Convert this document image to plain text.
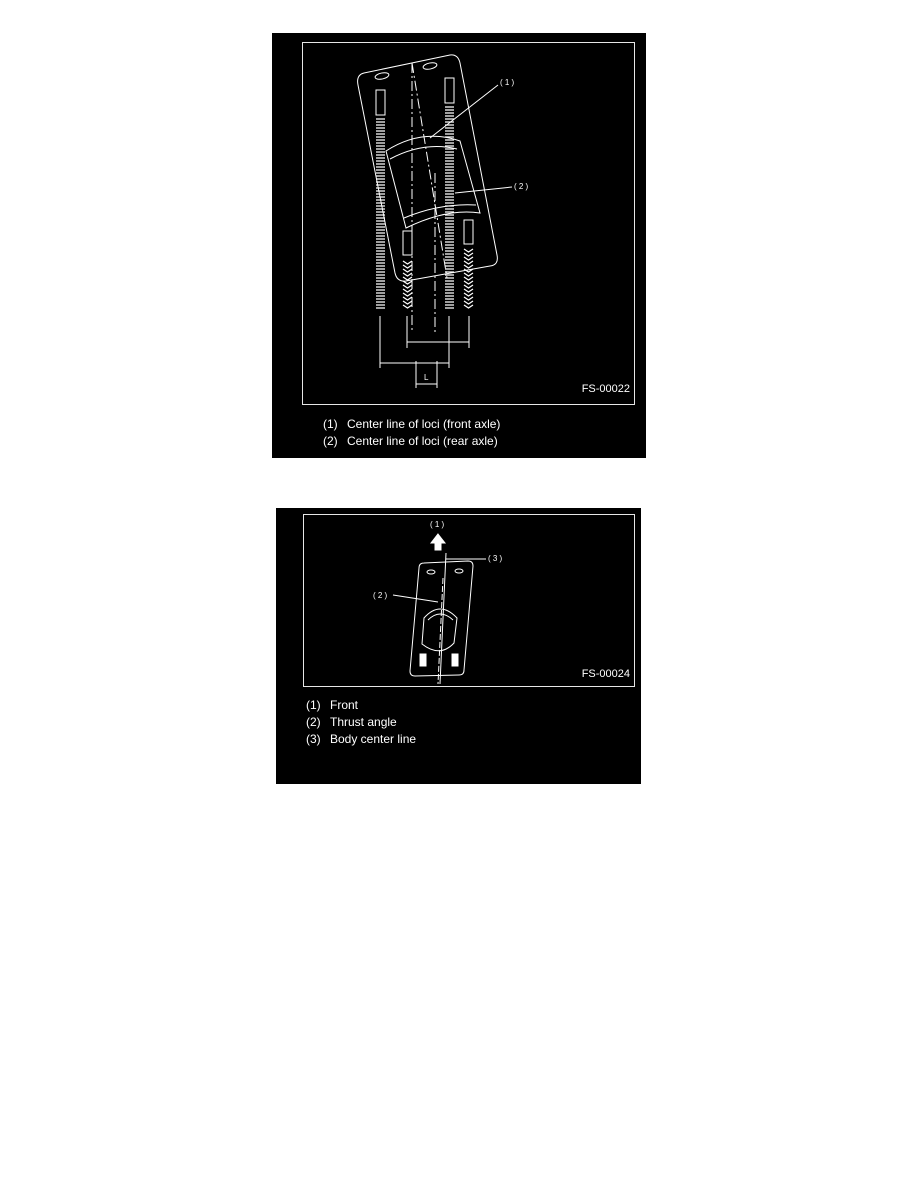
( 1 )
( 2 )
L
FS-00022
(1) Center line of loci (front axle)
(2) Center line of loci (rear axle)
( 1 )
( 2 )
( 3 )
FS-00024
(1) Front
(2) Thrust angle
(3) Body center line
